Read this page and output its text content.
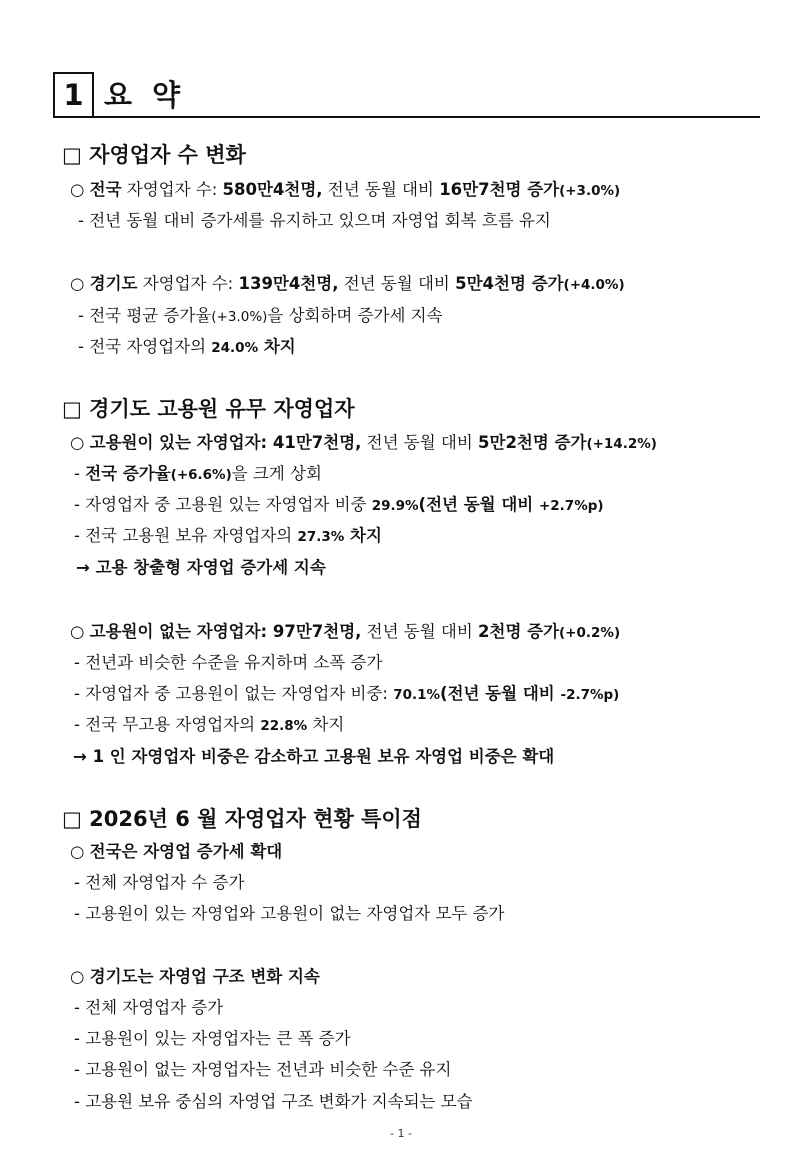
1 요 약
□ 자영업자 수 변화
○ 전국 자영업자 수: 580만4천명, 전년 동월 대비 16만7천명 증가(+3.0%)
- 전년 동월 대비 증가세를 유지하고 있으며 자영업 회복 흐름 유지
○ 경기도 자영업자 수: 139만4천명, 전년 동월 대비 5만4천명 증가(+4.0%)
- 전국 평균 증가율(+3.0%)을 상회하며 증가세 지속
- 전국 자영업자의 24.0% 차지
□ 경기도 고용원 유무 자영업자
○ 고용원이 있는 자영업자: 41만7천명, 전년 동월 대비 5만2천명 증가(+14.2%)
- 전국 증가율(+6.6%)을 크게 상회
- 자영업자 중 고용원 있는 자영업자 비중 29.9%(전년 동월 대비 +2.7%p)
- 전국 고용원 보유 자영업자의 27.3% 차지
→ 고용 창출형 자영업 증가세 지속
○ 고용원이 없는 자영업자: 97만7천명, 전년 동월 대비 2천명 증가(+0.2%)
- 전년과 비슷한 수준을 유지하며 소폭 증가
- 자영업자 중 고용원이 없는 자영업자 비중: 70.1%(전년 동월 대비 -2.7%p)
- 전국 무고용 자영업자의 22.8% 차지
→ 1 인 자영업자 비중은 감소하고 고용원 보유 자영업 비중은 확대
□ 2026년 6 월 자영업자 현황 특이점
○ 전국은 자영업 증가세 확대
- 전체 자영업자 수 증가
- 고용원이 있는 자영업와 고용원이 없는 자영업자 모두 증가
○ 경기도는 자영업 구조 변화 지속
- 전체 자영업자 증가
- 고용원이 있는 자영업자는 큰 폭 증가
- 고용원이 없는 자영업자는 전년과 비슷한 수준 유지
- 고용원 보유 중심의 자영업 구조 변화가 지속되는 모습
- 1 -
